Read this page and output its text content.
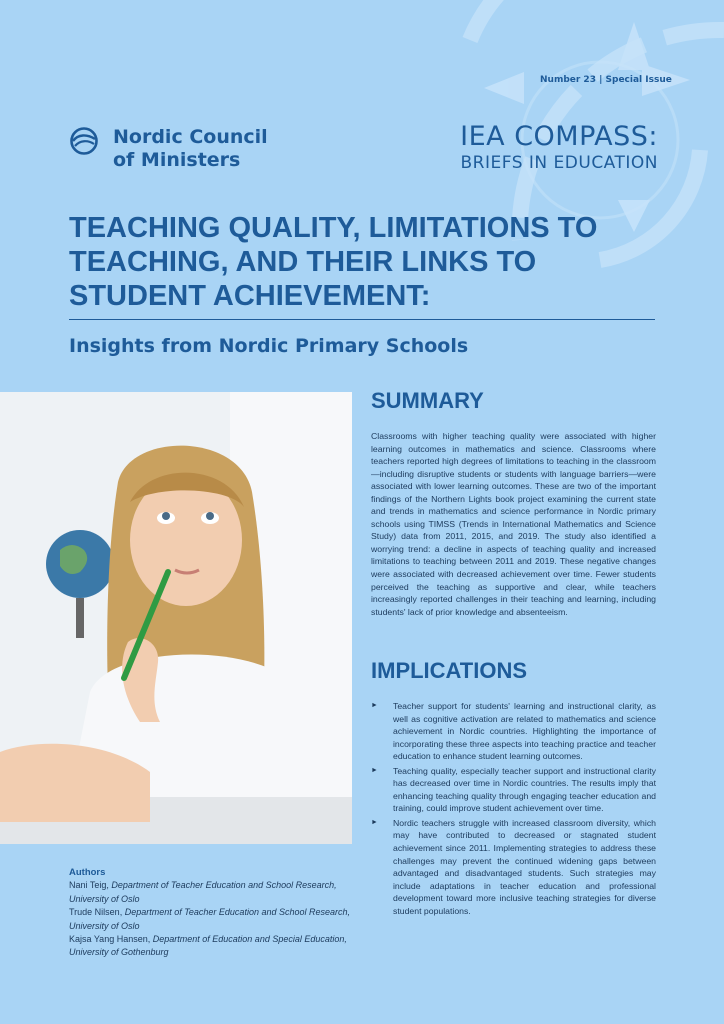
Number 23 | Special Issue
Nordic Council
of Ministers
IEA COMPASS:
BRIEFS IN EDUCATION
TEACHING QUALITY, LIMITATIONS TO TEACHING, AND THEIR LINKS TO STUDENT ACHIEVEMENT:
Insights from Nordic Primary Schools
Authors
Nani Teig, Department of Teacher Education and School Research, University of Oslo
Trude Nilsen, Department of Teacher Education and School Research, University of Oslo
Kajsa Yang Hansen, Department of Education and Special Education, University of Gothenburg
SUMMARY

Classrooms with higher teaching quality were associated with higher learning outcomes in mathematics and science. Classrooms where teachers reported high degrees of limitations to teaching in the classroom—including disruptive students or students with language barriers—were associated with lower learning outcomes. These are two of the important findings of the Northern Lights book project examining the current state and trends in mathematics and science performance in Nordic primary schools using TIMSS (Trends in International Mathematics and Science Study) data from 2011, 2015, and 2019. The study also identified a worrying trend: a decline in aspects of teaching quality and increased limitations to teaching between 2011 and 2019. These negative changes were associated with decreased achievement over time. Fewer students perceived the teaching as supportive and clear, while teachers increasingly reported challenges in their teaching and learning, including students' lack of prior knowledge and absenteeism.

IMPLICATIONS
► Teacher support for students' learning and instructional clarity, as well as cognitive activation are related to mathematics and science achievement in Nordic countries. Highlighting the importance of incorporating these three aspects into teaching practice and teacher education to enhance student learning outcomes.
► Teaching quality, especially teacher support and instructional clarity has decreased over time in Nordic countries. The results imply that enhancing teaching quality through engaging teacher education and training, could improve student achievement over time.
► Nordic teachers struggle with increased classroom diversity, which may have contributed to decreased or stagnated student achievement since 2011. Implementing strategies to address these challenges may prevent the continued widening gaps between advantaged and disadvantaged students. Such strategies may include adaptations in teacher education and professional development toward more inclusive teaching strategies for diverse student populations.
